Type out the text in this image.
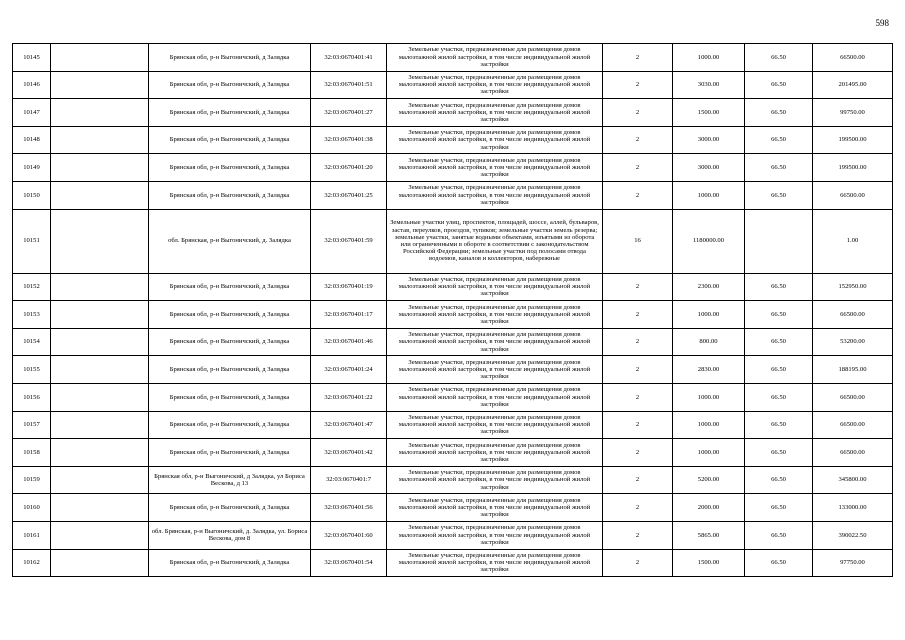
598
10145		Брянская обл, р-н Выгоничский, д Залядка	32:03:0670401:41	Земельные участки, предназначенные для размещения домов малоэтажной жилой застройки, в том числе индивидуальной жилой застройки	2	1000.00	66.50	66500.00
10146		Брянская обл, р-н Выгоничский, д Залядка	32:03:0670401:51	Земельные участки, предназначенные для размещения домов малоэтажной жилой застройки, в том числе индивидуальной жилой застройки	2	3030.00	66.50	201495.00
10147		Брянская обл, р-н Выгоничский, д Залядка	32:03:0670401:27	Земельные участки, предназначенные для размещения домов малоэтажной жилой застройки, в том числе индивидуальной жилой застройки	2	1500.00	66.50	99750.00
10148		Брянская обл, р-н Выгоничский, д Залядка	32:03:0670401:38	Земельные участки, предназначенные для размещения домов малоэтажной жилой застройки, в том числе индивидуальной жилой застройки	2	3000.00	66.50	199500.00
10149		Брянская обл, р-н Выгоничский, д Залядка	32:03:0670401:20	Земельные участки, предназначенные для размещения домов малоэтажной жилой застройки, в том числе индивидуальной жилой застройки	2	3000.00	66.50	199500.00
10150		Брянская обл, р-н Выгоничский, д Залядка	32:03:0670401:25	Земельные участки, предназначенные для размещения домов малоэтажной жилой застройки, в том числе индивидуальной жилой застройки	2	1000.00	66.50	66500.00
10151		обл. Брянская, р-н Выгоничский, д. Залядка	32:03:0670401:59	Земельные участки улиц, проспектов, площадей, шоссе, аллей, бульваров, застав, переулков, проездов, тупиков; земельные участки земель резерва; земельные участки, занятые водными объектами, изъятыми из оборота или ограниченными в обороте в соответствии с законодательством Российской Федерации; земельные участки под полосами отвода водоемов, каналов и коллекторов, набережные	16	1180000.00		1.00
10152		Брянская обл, р-н Выгоничский, д Залядка	32:03:0670401:19	Земельные участки, предназначенные для размещения домов малоэтажной жилой застройки, в том числе индивидуальной жилой застройки	2	2300.00	66.50	152950.00
10153		Брянская обл, р-н Выгоничский, д Залядка	32:03:0670401:17	Земельные участки, предназначенные для размещения домов малоэтажной жилой застройки, в том числе индивидуальной жилой застройки	2	1000.00	66.50	66500.00
10154		Брянская обл, р-н Выгоничский, д Залядка	32:03:0670401:46	Земельные участки, предназначенные для размещения домов малоэтажной жилой застройки, в том числе индивидуальной жилой застройки	2	800.00	66.50	53200.00
10155		Брянская обл, р-н Выгоничский, д Залядка	32:03:0670401:24	Земельные участки, предназначенные для размещения домов малоэтажной жилой застройки, в том числе индивидуальной жилой застройки	2	2830.00	66.50	188195.00
10156		Брянская обл, р-н Выгоничский, д Залядка	32:03:0670401:22	Земельные участки, предназначенные для размещения домов малоэтажной жилой застройки, в том числе индивидуальной жилой застройки	2	1000.00	66.50	66500.00
10157		Брянская обл, р-н Выгоничский, д Залядка	32:03:0670401:47	Земельные участки, предназначенные для размещения домов малоэтажной жилой застройки, в том числе индивидуальной жилой застройки	2	1000.00	66.50	66500.00
10158		Брянская обл, р-н Выгоничский, д Залядка	32:03:0670401:42	Земельные участки, предназначенные для размещения домов малоэтажной жилой застройки, в том числе индивидуальной жилой застройки	2	1000.00	66.50	66500.00
10159		Брянская обл, р-н Выгоничский, д Залядка, ул Бориса Вескова, д 13	32:03:0670401:7	Земельные участки, предназначенные для размещения домов малоэтажной жилой застройки, в том числе индивидуальной жилой застройки	2	5200.00	66.50	345800.00
10160		Брянская обл, р-н Выгоничский, д Залядка	32:03:0670401:56	Земельные участки, предназначенные для размещения домов малоэтажной жилой застройки, в том числе индивидуальной жилой застройки	2	2000.00	66.50	133000.00
10161		обл. Брянская, р-н Выгоничский, д. Залядка, ул. Бориса Вескова, дом 8	32:03:0670401:60	Земельные участки, предназначенные для размещения домов малоэтажной жилой застройки, в том числе индивидуальной жилой застройки	2	5865.00	66.50	390022.50
10162		Брянская обл, р-н Выгоничский, д Залядка	32:03:0670401:54	Земельные участки, предназначенные для размещения домов малоэтажной жилой застройки, в том числе индивидуальной жилой застройки	2	1500.00	66.50	97750.00
